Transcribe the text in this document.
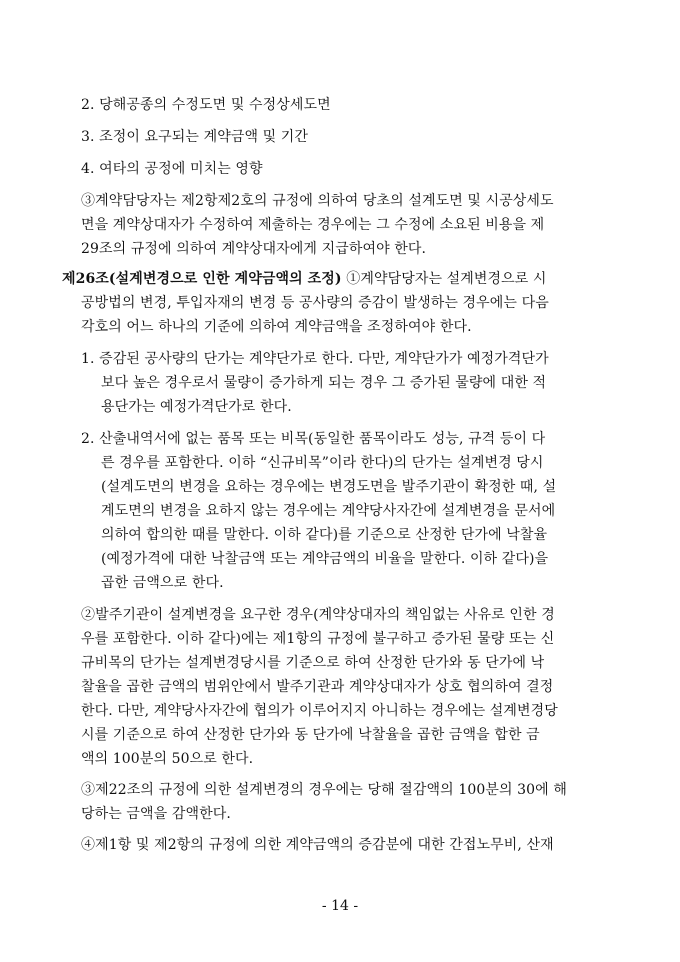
2. 당해공종의 수정도면 및 수정상세도면
3. 조정이 요구되는 계약금액 및 기간
4. 여타의 공정에 미치는 영향
③계약담당자는 제2항제2호의 규정에 의하여 당초의 설계도면 및 시공상세도
면을 계약상대자가 수정하여 제출하는 경우에는 그 수정에 소요된 비용을 제
29조의 규정에 의하여 계약상대자에게 지급하여야 한다.
제26조(설계변경으로 인한 계약금액의 조정) ①계약담당자는 설계변경으로 시
공방법의 변경, 투입자재의 변경 등 공사량의 증감이 발생하는 경우에는 다음
각호의 어느 하나의 기준에 의하여 계약금액을 조정하여야 한다.
1. 증감된 공사량의 단가는 계약단가로 한다. 다만, 계약단가가 예정가격단가
보다 높은 경우로서 물량이 증가하게 되는 경우 그 증가된 물량에 대한 적
용단가는 예정가격단가로 한다.
2. 산출내역서에 없는 품목 또는 비목(동일한 품목이라도 성능, 규격 등이 다
른 경우를 포함한다. 이하 “신규비목”이라 한다)의 단가는 설계변경 당시
(설계도면의 변경을 요하는 경우에는 변경도면을 발주기관이 확정한 때, 설
계도면의 변경을 요하지 않는 경우에는 계약당사자간에 설계변경을 문서에
의하여 합의한 때를 말한다. 이하 같다)를 기준으로 산정한 단가에 낙찰율
(예정가격에 대한 낙찰금액 또는 계약금액의 비율을 말한다. 이하 같다)을
곱한 금액으로 한다.
②발주기관이 설계변경을 요구한 경우(계약상대자의 책임없는 사유로 인한 경
우를 포함한다. 이하 같다)에는 제1항의 규정에 불구하고 증가된 물량 또는 신
규비목의 단가는 설계변경당시를 기준으로 하여 산정한 단가와 동 단가에 낙
찰율을 곱한 금액의 범위안에서 발주기관과 계약상대자가 상호 협의하여 결정
한다. 다만, 계약당사자간에 협의가 이루어지지 아니하는 경우에는 설계변경당
시를 기준으로 하여 산정한 단가와 동 단가에 낙찰율을 곱한 금액을 합한 금
액의 100분의 50으로 한다.
③제22조의 규정에 의한 설계변경의 경우에는 당해 절감액의 100분의 30에 해
당하는 금액을 감액한다.
④제1항 및 제2항의 규정에 의한 계약금액의 증감분에 대한 간접노무비, 산재
- 14 -
